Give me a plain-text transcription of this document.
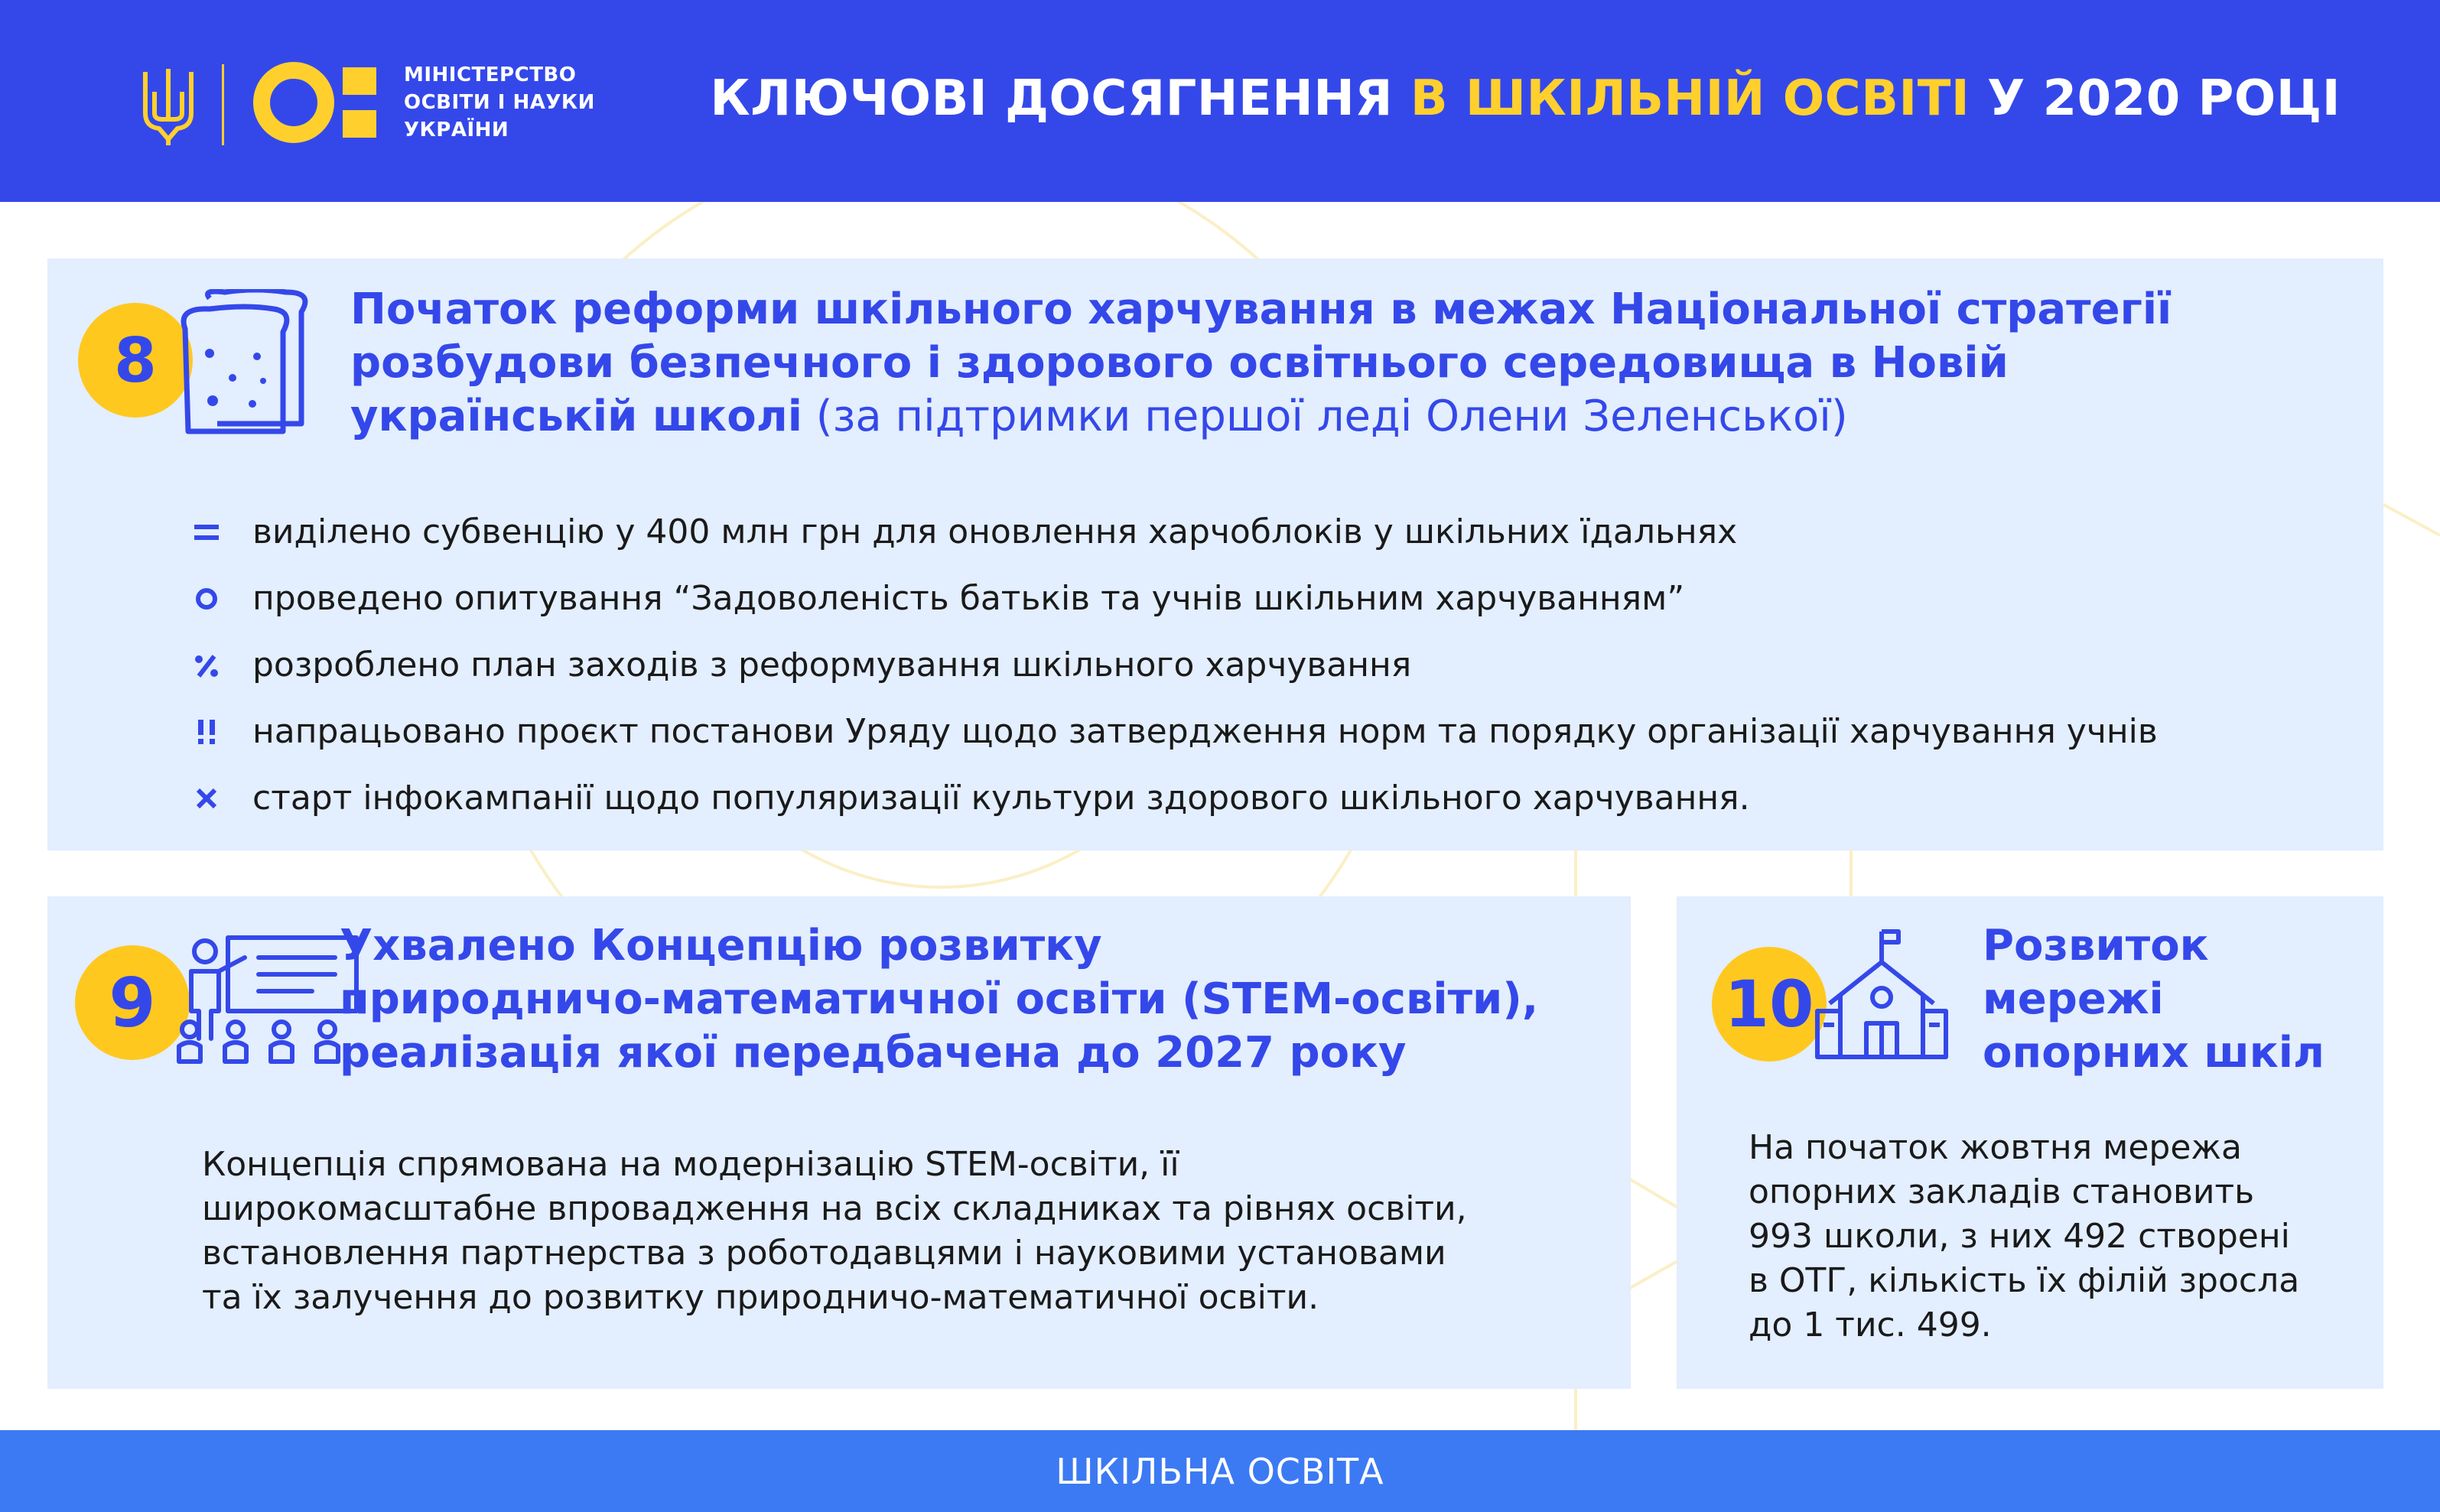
МІНІСТЕРСТВО
ОСВІТИ І НАУКИ
УКРАЇНИ
КЛЮЧОВІ ДОСЯГНЕННЯ В ШКІЛЬНІЙ ОСВІТІ У 2020 РОЦІ
8
Початок реформи шкільного харчування в межах Національної стратегії
розбудови безпечного і здорового освітнього середовища в Новій
українській школі (за підтримки першої леді Олени Зеленської)
виділено субвенцію у 400 млн грн для оновлення харчоблоків у шкільних їдальнях
проведено опитування “Задоволеність батьків та учнів шкільним харчуванням”
розроблено план заходів з реформування шкільного харчування
напрацьовано проєкт постанови Уряду щодо затвердження норм та порядку організації харчування учнів
старт інфокампанії щодо популяризації культури здорового шкільного харчування.
9
Ухвалено Концепцію розвитку
природничо-математичної освіти (STEM-освіти),
реалізація якої передбачена до 2027 року
Концепція спрямована на модернізацію STEM-освіти, її
широкомасштабне впровадження на всіх складниках та рівнях освіти,
встановлення партнерства з роботодавцями і науковими установами
та їх залучення до розвитку природничо-математичної освіти.
10
Розвиток
мережі
опорних шкіл
На початок жовтня мережа
опорних закладів становить
993 школи, з них 492 створені
в ОТГ, кількість їх філій зросла
до 1 тис. 499.
ШКІЛЬНА ОСВІТА
